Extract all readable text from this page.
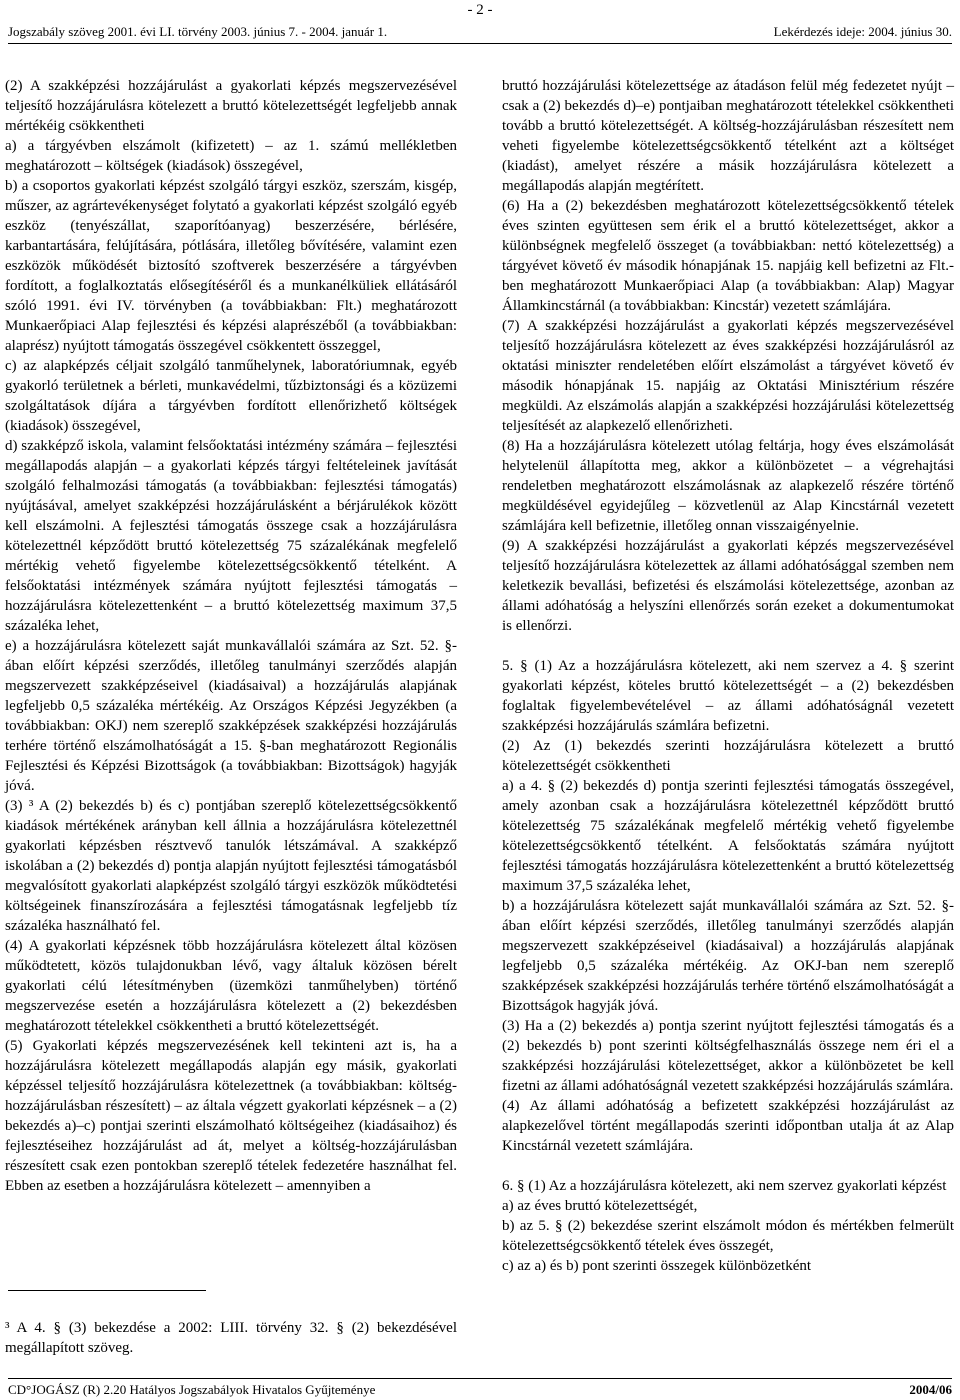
- 2 -
Jogszabály szöveg 2001. évi LI. törvény 2003. június 7. - 2004. január 1.	Lekérdezés ideje: 2004. június 30.

(2) A szakképzési hozzájárulást a gyakorlati képzés megszervezésével teljesítő hozzájárulásra kötelezett a bruttó kötelezettségét legfeljebb annak mértékéig csökkentheti

a) a tárgyévben elszámolt (kifizetett) – az 1. számú mellékletben meghatározott – költségek (kiadások) összegével,

b) a csoportos gyakorlati képzést szolgáló tárgyi eszköz, szerszám, kisgép, műszer, az agrártevékenységet folytató a gyakorlati képzést szolgáló egyéb eszköz (tenyészállat, szaporítóanyag) beszerzésére, bérlésére, karbantartására, felújítására, pótlására, illetőleg bővítésére, valamint ezen eszközök működését biztosító szoftverek beszerzésére a tárgyévben fordított, a foglalkoztatás elősegítéséről és a munkanélküliek ellátásáról szóló 1991. évi IV. törvényben (a továbbiakban: Flt.) meghatározott Munkaerőpiaci Alap fejlesztési és képzési alaprészéből (a továbbiakban: alaprész) nyújtott támogatás összegével csökkentett összeggel,

c) az alapképzés céljait szolgáló tanműhelynek, laboratóriumnak, egyéb gyakorló területnek a bérleti, munkavédelmi, tűzbiztonsági és a közüzemi szolgáltatások díjára a tárgyévben fordított ellenőrizhető költségek (kiadások) összegével,

d) szakképző iskola, valamint felsőoktatási intézmény számára – fejlesztési megállapodás alapján – a gyakorlati képzés tárgyi feltételeinek javítását szolgáló felhalmozási támogatás (a továbbiakban: fejlesztési támogatás) nyújtásával, amelyet szakképzési hozzájárulásként a bérjárulékok között kell elszámolni. A fejlesztési támogatás összege csak a hozzájárulásra kötelezettnél képződött bruttó kötelezettség 75 százalékának megfelelő mértékig vehető figyelembe kötelezettségcsökkentő tételként. A felsőoktatási intézmények számára nyújtott fejlesztési támogatás – hozzájárulásra kötelezettenként – a bruttó kötelezettség maximum 37,5 százaléka lehet,

e) a hozzájárulásra kötelezett saját munkavállalói számára az Szt. 52. §-ában előírt képzési szerződés, illetőleg tanulmányi szerződés alapján megszervezett szakképzéseivel (kiadásaival) a hozzájárulás alapjának legfeljebb 0,5 százaléka mértékéig. Az Országos Képzési Jegyzékben (a továbbiakban: OKJ) nem szereplő szakképzések szakképzési hozzájárulás terhére történő elszámolhatóságát a 15. §-ban meghatározott Regionális Fejlesztési és Képzési Bizottságok (a továbbiakban: Bizottságok) hagyják jóvá.

(3) ³ A (2) bekezdés b) és c) pontjában szereplő kötelezettségcsökkentő kiadások mértékének arányban kell állnia a hozzájárulásra kötelezettnél gyakorlati képzésben résztvevő tanulók létszámával. A szakképző iskolában a (2) bekezdés d) pontja alapján nyújtott fejlesztési támogatásból megvalósított gyakorlati alapképzést szolgáló tárgyi eszközök működtetési költségeinek finanszírozására a fejlesztési támogatásnak legfeljebb tíz százaléka használható fel.

(4) A gyakorlati képzésnek több hozzájárulásra kötelezett által közösen működtetett, közös tulajdonukban lévő, vagy általuk közösen bérelt gyakorlati célú létesítményben (üzemközi tanműhelyben) történő megszervezése esetén a hozzájárulásra kötelezett a (2) bekezdésben meghatározott tételekkel csökkentheti a bruttó kötelezettségét.

(5) Gyakorlati képzés megszervezésének kell tekinteni azt is, ha a hozzájárulásra kötelezett megállapodás alapján egy másik, gyakorlati képzéssel teljesítő hozzájárulásra kötelezettnek (a továbbiakban: költség-hozzájárulásban részesített) – az általa végzett gyakorlati képzésnek – a (2) bekezdés a)–c) pontjai szerinti elszámolható költségeihez (kiadásaihoz) és fejlesztéseihez hozzájárulást ad át, melyet a költség-hozzájárulásban részesített csak ezen pontokban szereplő tételek fedezetére használhat fel. Ebben az esetben a hozzájárulásra kötelezett – amennyiben a

bruttó hozzájárulási kötelezettsége az átadáson felül még fedezetet nyújt – csak a (2) bekezdés d)–e) pontjaiban meghatározott tételekkel csökkentheti tovább a bruttó kötelezettségét. A költség-hozzájárulásban részesített nem veheti figyelembe kötelezettségcsökkentő tételként azt a költséget (kiadást), amelyet részére a másik hozzájárulásra kötelezett a megállapodás alapján megtérített.

(6) Ha a (2) bekezdésben meghatározott kötelezettségcsökkentő tételek éves szinten együttesen sem érik el a bruttó kötelezettséget, akkor a különbségnek megfelelő összeget (a továbbiakban: nettó kötelezettség) a tárgyévet követő év második hónapjának 15. napjáig kell befizetni az Flt.-ben meghatározott Munkaerőpiaci Alap (a továbbiakban: Alap) Magyar Államkincstárnál (a továbbiakban: Kincstár) vezetett számlájára.

(7) A szakképzési hozzájárulást a gyakorlati képzés megszervezésével teljesítő hozzájárulásra kötelezett az éves szakképzési hozzájárulásról az oktatási miniszter rendeletében előírt elszámolást a tárgyévet követő év második hónapjának 15. napjáig az Oktatási Minisztérium részére megküldi. Az elszámolás alapján a szakképzési hozzájárulási kötelezettség teljesítését az alapkezelő ellenőrizheti.

(8) Ha a hozzájárulásra kötelezett utólag feltárja, hogy éves elszámolását helytelenül állapította meg, akkor a különbözetet – a végrehajtási rendeletben meghatározott elszámolásnak az alapkezelő részére történő megküldésével egyidejűleg – közvetlenül az Alap Kincstárnál vezetett számlájára kell befizetnie, illetőleg onnan visszaigényelnie.

(9) A szakképzési hozzájárulást a gyakorlati képzés megszervezésével teljesítő hozzájárulásra kötelezettek az állami adóhatósággal szemben nem keletkezik bevallási, befizetési és elszámolási kötelezettsége, azonban az állami adóhatóság a helyszíni ellenőrzés során ezeket a dokumentumokat is ellenőrzi.

5. § (1) Az a hozzájárulásra kötelezett, aki nem szervez a 4. § szerint gyakorlati képzést, köteles bruttó kötelezettségét – a (2) bekezdésben foglaltak figyelembevételével – az állami adóhatóságnál vezetett szakképzési hozzájárulás számlára befizetni.

(2) Az (1) bekezdés szerinti hozzájárulásra kötelezett a bruttó kötelezettségét csökkentheti

a) a 4. § (2) bekezdés d) pontja szerinti fejlesztési támogatás összegével, amely azonban csak a hozzájárulásra kötelezettnél képződött bruttó kötelezettség 75 százalékának megfelelő mértékig vehető figyelembe kötelezettségcsökkentő tételként. A felsőoktatás számára nyújtott fejlesztési támogatás hozzájárulásra kötelezettenként a bruttó kötelezettség maximum 37,5 százaléka lehet,

b) a hozzájárulásra kötelezett saját munkavállalói számára az Szt. 52. §-ában előírt képzési szerződés, illetőleg tanulmányi szerződés alapján megszervezett szakképzéseivel (kiadásaival) a hozzájárulás alapjának legfeljebb 0,5 százaléka mértékéig. Az OKJ-ban nem szereplő szakképzések szakképzési hozzájárulás terhére történő elszámolhatóságát a Bizottságok hagyják jóvá.

(3) Ha a (2) bekezdés a) pontja szerint nyújtott fejlesztési támogatás és a (2) bekezdés b) pont szerinti költségfelhasználás összege nem éri el a szakképzési hozzájárulási kötelezettséget, akkor a különbözetet be kell fizetni az állami adóhatóságnál vezetett szakképzési hozzájárulás számlára.

(4) Az állami adóhatóság a befizetett szakképzési hozzájárulást az alapkezelővel történt megállapodás szerinti időpontban utalja át az Alap Kincstárnál vezetett számlájára.

6. § (1) Az a hozzájárulásra kötelezett, aki nem szervez gyakorlati képzést

a) az éves bruttó kötelezettségét,

b) az 5. § (2) bekezdése szerint elszámolt módon és mértékben felmerült kötelezettségcsökkentő tételek éves összegét,

c) az a) és b) pont szerinti összegek különbözetként

³ A 4. § (3) bekezdése a 2002: LIII. törvény 32. § (2) bekezdésével megállapított szöveg.
CD°JOGÁSZ (R) 2.20 Hatályos Jogszabályok Hivatalos Gyűjteménye	2004/06
